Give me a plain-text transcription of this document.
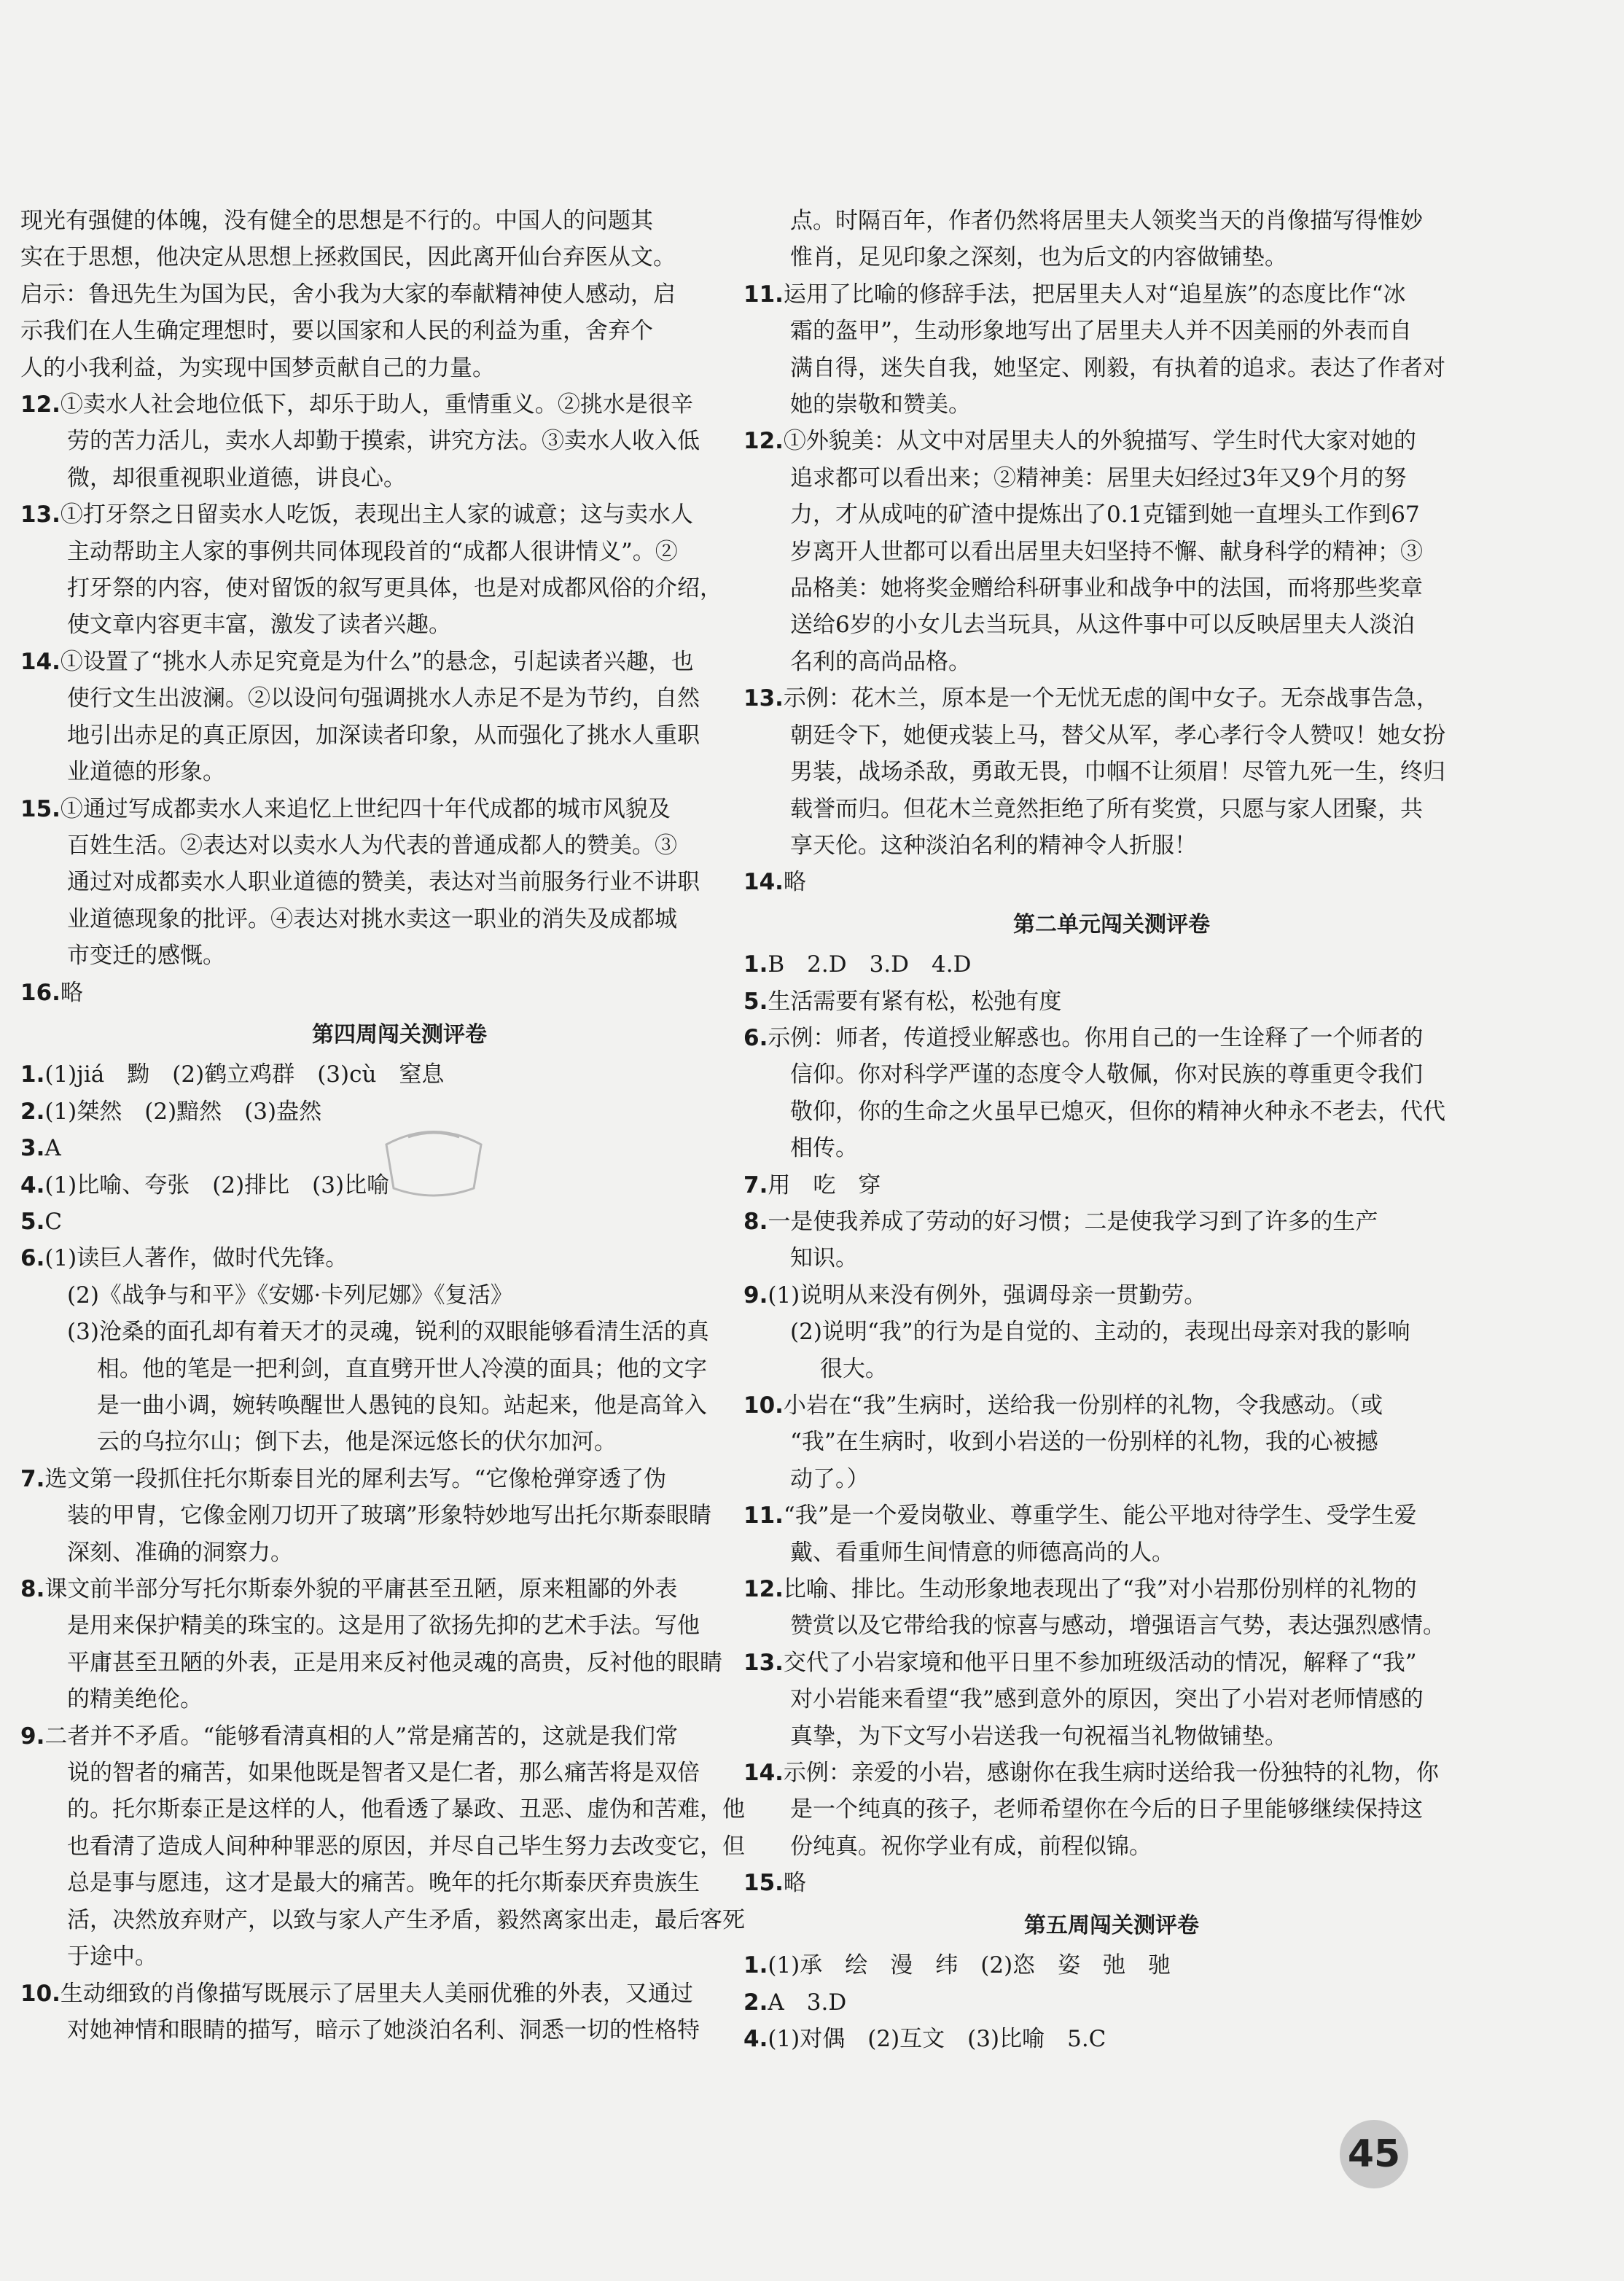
现光有强健的体魄，没有健全的思想是不行的。中国人的问题其
实在于思想，他决定从思想上拯救国民，因此离开仙台弃医从文。
启示：鲁迅先生为国为民，舍小我为大家的奉献精神使人感动，启
示我们在人生确定理想时，要以国家和人民的利益为重，舍弃个
人的小我利益，为实现中国梦贡献自己的力量。
12.①卖水人社会地位低下，却乐于助人，重情重义。②挑水是很辛
劳的苦力活儿，卖水人却勤于摸索，讲究方法。③卖水人收入低
微，却很重视职业道德，讲良心。
13.①打牙祭之日留卖水人吃饭，表现出主人家的诚意；这与卖水人
主动帮助主人家的事例共同体现段首的“成都人很讲情义”。②
打牙祭的内容，使对留饭的叙写更具体，也是对成都风俗的介绍，
使文章内容更丰富，激发了读者兴趣。
14.①设置了“挑水人赤足究竟是为什么”的悬念，引起读者兴趣，也
使行文生出波澜。②以设问句强调挑水人赤足不是为节约，自然
地引出赤足的真正原因，加深读者印象，从而强化了挑水人重职
业道德的形象。
15.①通过写成都卖水人来追忆上世纪四十年代成都的城市风貌及
百姓生活。②表达对以卖水人为代表的普通成都人的赞美。③
通过对成都卖水人职业道德的赞美，表达对当前服务行业不讲职
业道德现象的批评。④表达对挑水卖这一职业的消失及成都城
市变迁的感慨。
16.略
第四周闯关测评卷
1.(1)jiá　黝　(2)鹤立鸡群　(3)cù　窒息
2.(1)桀然　(2)黯然　(3)盎然
3.A
4.(1)比喻、夸张　(2)排比　(3)比喻
5.C
6.(1)读巨人著作，做时代先锋。
(2)《战争与和平》《安娜·卡列尼娜》《复活》
(3)沧桑的面孔却有着天才的灵魂，锐利的双眼能够看清生活的真
　 相。他的笔是一把利剑，直直劈开世人冷漠的面具；他的文字
　 是一曲小调，婉转唤醒世人愚钝的良知。站起来，他是高耸入
　 云的乌拉尔山；倒下去，他是深远悠长的伏尔加河。
7.选文第一段抓住托尔斯泰目光的犀利去写。“它像枪弹穿透了伪
装的甲胄，它像金刚刀切开了玻璃”形象特妙地写出托尔斯泰眼睛
深刻、准确的洞察力。
8.课文前半部分写托尔斯泰外貌的平庸甚至丑陋，原来粗鄙的外表
是用来保护精美的珠宝的。这是用了欲扬先抑的艺术手法。写他
平庸甚至丑陋的外表，正是用来反衬他灵魂的高贵，反衬他的眼睛
的精美绝伦。
9.二者并不矛盾。“能够看清真相的人”常是痛苦的，这就是我们常
说的智者的痛苦，如果他既是智者又是仁者，那么痛苦将是双倍
的。托尔斯泰正是这样的人，他看透了暴政、丑恶、虚伪和苦难，他
也看清了造成人间种种罪恶的原因，并尽自己毕生努力去改变它，但
总是事与愿违，这才是最大的痛苦。晚年的托尔斯泰厌弃贵族生
活，决然放弃财产，以致与家人产生矛盾，毅然离家出走，最后客死
于途中。
10.生动细致的肖像描写既展示了居里夫人美丽优雅的外表，又通过
对她神情和眼睛的描写，暗示了她淡泊名利、洞悉一切的性格特
点。时隔百年，作者仍然将居里夫人领奖当天的肖像描写得惟妙
惟肖，足见印象之深刻，也为后文的内容做铺垫。
11.运用了比喻的修辞手法，把居里夫人对“追星族”的态度比作“冰
霜的盔甲”，生动形象地写出了居里夫人并不因美丽的外表而自
满自得，迷失自我，她坚定、刚毅，有执着的追求。表达了作者对
她的崇敬和赞美。
12.①外貌美：从文中对居里夫人的外貌描写、学生时代大家对她的
追求都可以看出来；②精神美：居里夫妇经过3年又9个月的努
力，才从成吨的矿渣中提炼出了0.1克镭到她一直埋头工作到67
岁离开人世都可以看出居里夫妇坚持不懈、献身科学的精神；③
品格美：她将奖金赠给科研事业和战争中的法国，而将那些奖章
送给6岁的小女儿去当玩具，从这件事中可以反映居里夫人淡泊
名利的高尚品格。
13.示例：花木兰，原本是一个无忧无虑的闺中女子。无奈战事告急，
朝廷令下，她便戎装上马，替父从军，孝心孝行令人赞叹！她女扮
男装，战场杀敌，勇敢无畏，巾帼不让须眉！尽管九死一生，终归
载誉而归。但花木兰竟然拒绝了所有奖赏，只愿与家人团聚，共
享天伦。这种淡泊名利的精神令人折服！
14.略
第二单元闯关测评卷
1.B　2.D　3.D　4.D
5.生活需要有紧有松，松弛有度
6.示例：师者，传道授业解惑也。你用自己的一生诠释了一个师者的
信仰。你对科学严谨的态度令人敬佩，你对民族的尊重更令我们
敬仰，你的生命之火虽早已熄灭，但你的精神火种永不老去，代代
相传。
7.用　吃　穿
8.一是使我养成了劳动的好习惯；二是使我学习到了许多的生产
知识。
9.(1)说明从来没有例外，强调母亲一贯勤劳。
(2)说明“我”的行为是自觉的、主动的，表现出母亲对我的影响
　 很大。
10.小岩在“我”生病时，送给我一份别样的礼物，令我感动。（或
“我”在生病时，收到小岩送的一份别样的礼物，我的心被撼
动了。）
11.“我”是一个爱岗敬业、尊重学生、能公平地对待学生、受学生爱
戴、看重师生间情意的师德高尚的人。
12.比喻、排比。生动形象地表现出了“我”对小岩那份别样的礼物的
赞赏以及它带给我的惊喜与感动，增强语言气势，表达强烈感情。
13.交代了小岩家境和他平日里不参加班级活动的情况，解释了“我”
对小岩能来看望“我”感到意外的原因，突出了小岩对老师情感的
真挚，为下文写小岩送我一句祝福当礼物做铺垫。
14.示例：亲爱的小岩，感谢你在我生病时送给我一份独特的礼物，你
是一个纯真的孩子，老师希望你在今后的日子里能够继续保持这
份纯真。祝你学业有成，前程似锦。
15.略
第五周闯关测评卷
1.(1)承　绘　漫　纬　(2)恣　姿　弛　驰
2.A　3.D
4.(1)对偶　(2)互文　(3)比喻　5.C
45
